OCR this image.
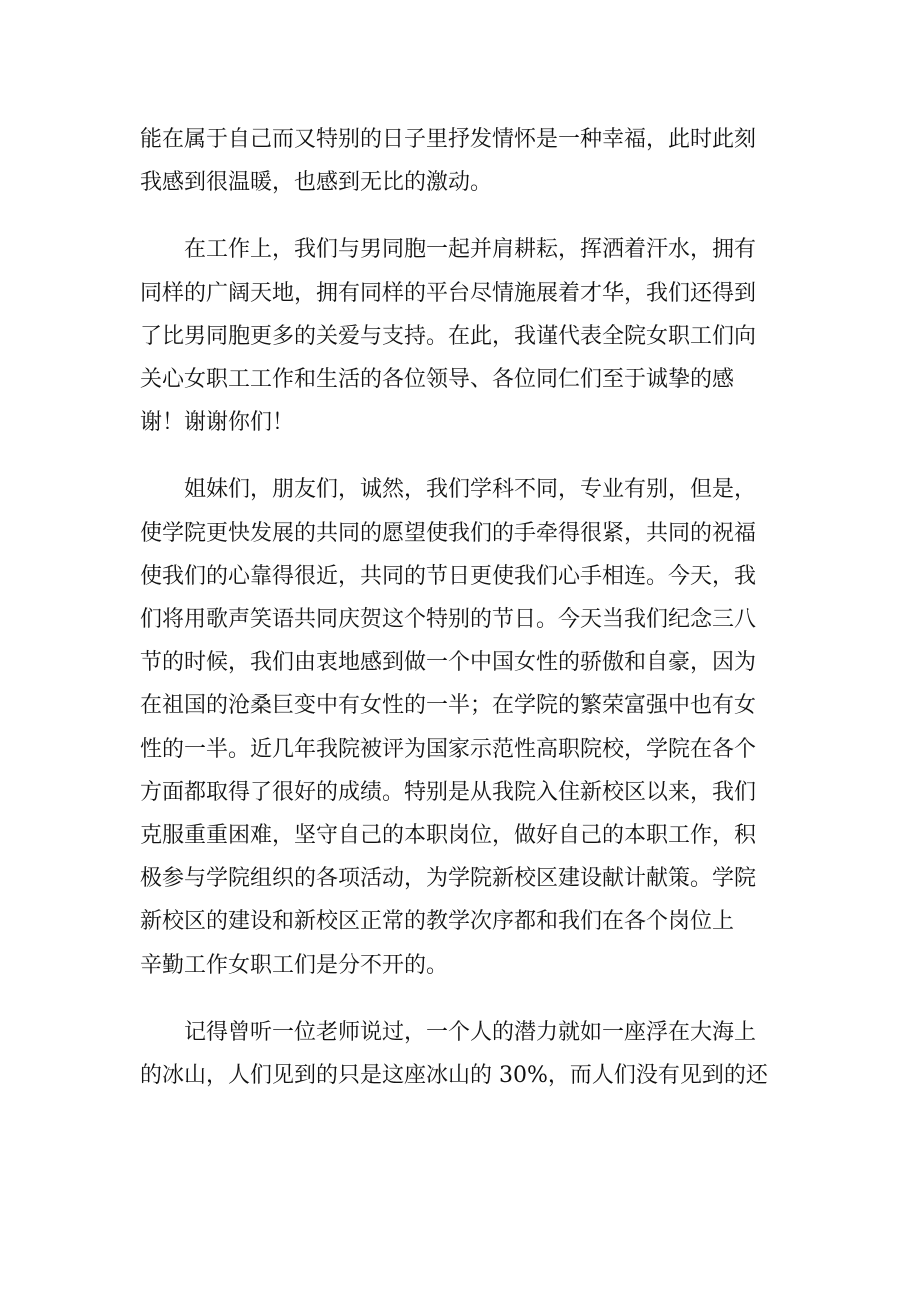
能在属于自己而又特别的日子里抒发情怀是一种幸福，此时此刻
我感到很温暖，也感到无比的激动。
在工作上，我们与男同胞一起并肩耕耘，挥洒着汗水，拥有
同样的广阔天地，拥有同样的平台尽情施展着才华，我们还得到
了比男同胞更多的关爱与支持。在此，我谨代表全院女职工们向
关心女职工工作和生活的各位领导、各位同仁们至于诚挚的感
谢！谢谢你们！
姐妹们，朋友们，诚然，我们学科不同，专业有别，但是，
使学院更快发展的共同的愿望使我们的手牵得很紧，共同的祝福
使我们的心靠得很近，共同的节日更使我们心手相连。今天，我
们将用歌声笑语共同庆贺这个特别的节日。今天当我们纪念三八
节的时候，我们由衷地感到做一个中国女性的骄傲和自豪，因为
在祖国的沧桑巨变中有女性的一半；在学院的繁荣富强中也有女
性的一半。近几年我院被评为国家示范性高职院校，学院在各个
方面都取得了很好的成绩。特别是从我院入住新校区以来，我们
克服重重困难，坚守自己的本职岗位，做好自己的本职工作，积
极参与学院组织的各项活动，为学院新校区建设献计献策。学院
新校区的建设和新校区正常的教学次序都和我们在各个岗位上
辛勤工作女职工们是分不开的。
记得曾听一位老师说过，一个人的潜力就如一座浮在大海上
的冰山，人们见到的只是这座冰山的 30%，而人们没有见到的还
